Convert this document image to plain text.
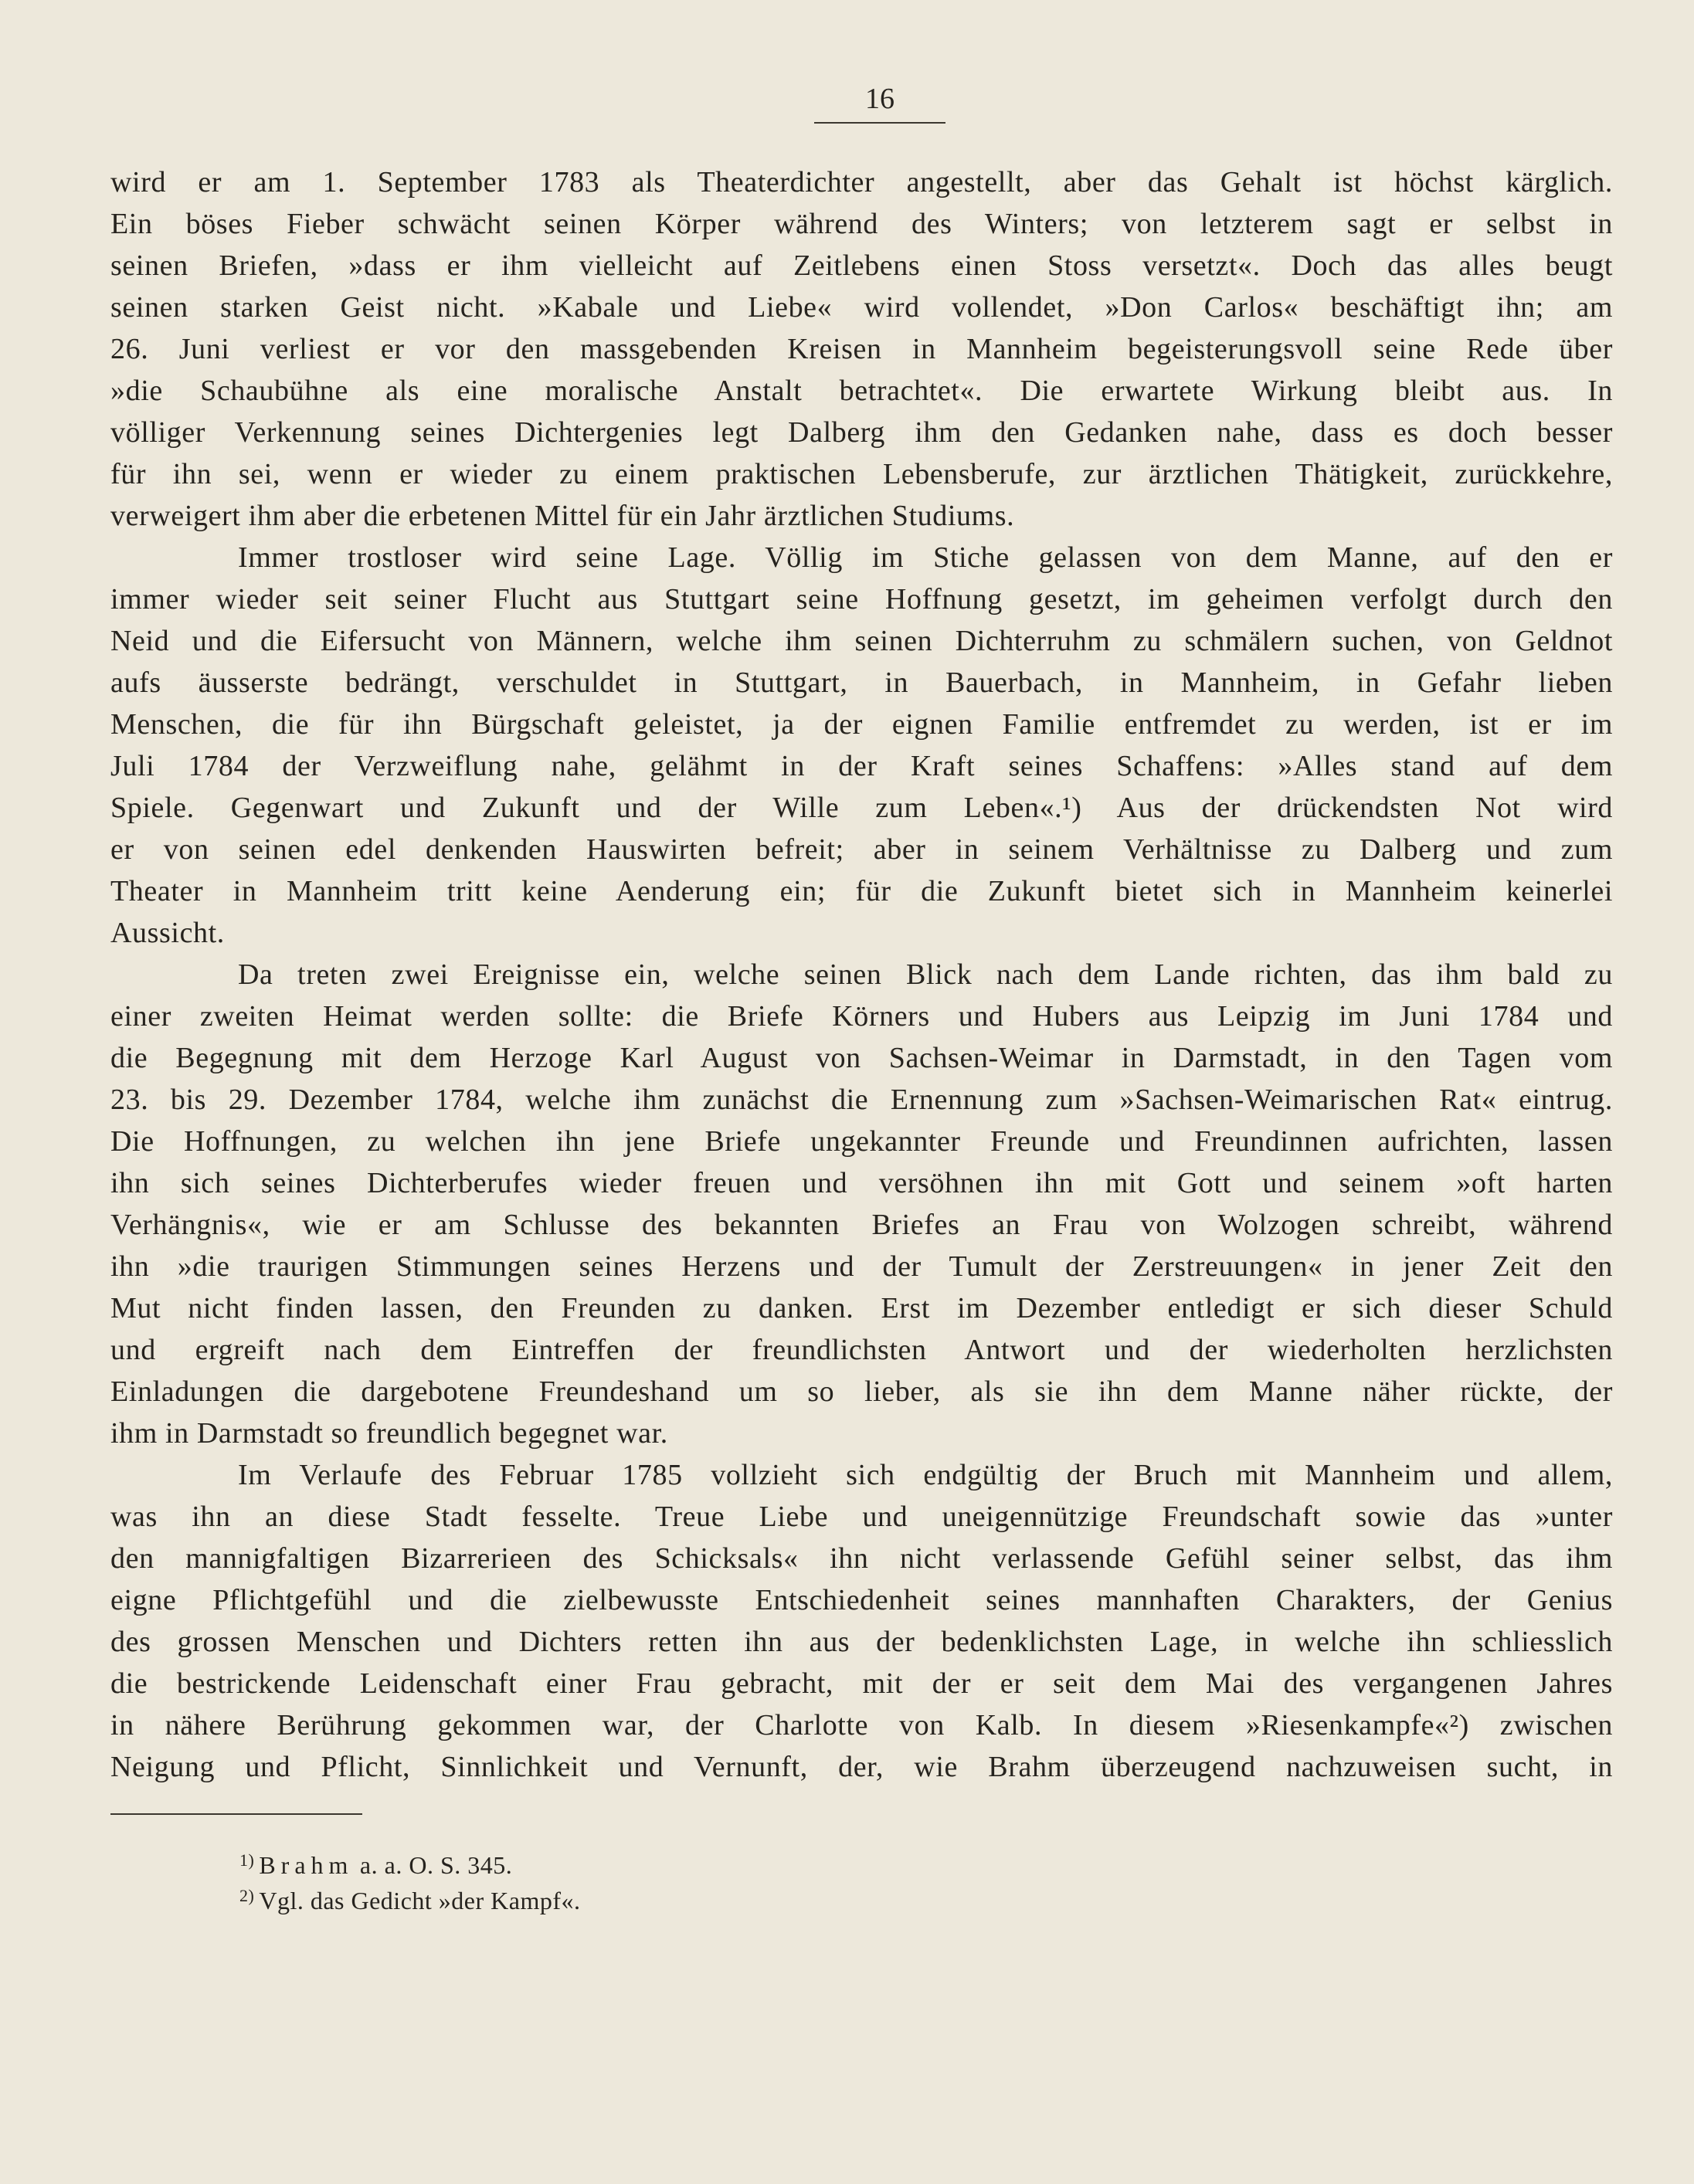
16
wird er am 1. September 1783 als Theaterdichter angestellt, aber das Gehalt ist höchst kärglich.
Ein böses Fieber schwächt seinen Körper während des Winters; von letzterem sagt er selbst in
seinen Briefen, »dass er ihm vielleicht auf Zeitlebens einen Stoss versetzt«. Doch das alles beugt
seinen starken Geist nicht. »Kabale und Liebe« wird vollendet, »Don Carlos« beschäftigt ihn; am
26. Juni verliest er vor den massgebenden Kreisen in Mannheim begeisterungsvoll seine Rede über
»die Schaubühne als eine moralische Anstalt betrachtet«. Die erwartete Wirkung bleibt aus. In
völliger Verkennung seines Dichtergenies legt Dalberg ihm den Gedanken nahe, dass es doch besser
für ihn sei, wenn er wieder zu einem praktischen Lebensberufe, zur ärztlichen Thätigkeit, zurückkehre,
verweigert ihm aber die erbetenen Mittel für ein Jahr ärztlichen Studiums.
Immer trostloser wird seine Lage. Völlig im Stiche gelassen von dem Manne, auf den er
immer wieder seit seiner Flucht aus Stuttgart seine Hoffnung gesetzt, im geheimen verfolgt durch den
Neid und die Eifersucht von Männern, welche ihm seinen Dichterruhm zu schmälern suchen, von Geldnot
aufs äusserste bedrängt, verschuldet in Stuttgart, in Bauerbach, in Mannheim, in Gefahr lieben
Menschen, die für ihn Bürgschaft geleistet, ja der eignen Familie entfremdet zu werden, ist er im
Juli 1784 der Verzweiflung nahe, gelähmt in der Kraft seines Schaffens: »Alles stand auf dem
Spiele. Gegenwart und Zukunft und der Wille zum Leben«.¹) Aus der drückendsten Not wird
er von seinen edel denkenden Hauswirten befreit; aber in seinem Verhältnisse zu Dalberg und zum
Theater in Mannheim tritt keine Aenderung ein; für die Zukunft bietet sich in Mannheim keinerlei
Aussicht.
Da treten zwei Ereignisse ein, welche seinen Blick nach dem Lande richten, das ihm bald zu
einer zweiten Heimat werden sollte: die Briefe Körners und Hubers aus Leipzig im Juni 1784 und
die Begegnung mit dem Herzoge Karl August von Sachsen-Weimar in Darmstadt, in den Tagen vom
23. bis 29. Dezember 1784, welche ihm zunächst die Ernennung zum »Sachsen-Weimarischen Rat« eintrug.
Die Hoffnungen, zu welchen ihn jene Briefe ungekannter Freunde und Freundinnen aufrichten, lassen
ihn sich seines Dichterberufes wieder freuen und versöhnen ihn mit Gott und seinem »oft harten
Verhängnis«, wie er am Schlusse des bekannten Briefes an Frau von Wolzogen schreibt, während
ihn »die traurigen Stimmungen seines Herzens und der Tumult der Zerstreuungen« in jener Zeit den
Mut nicht finden lassen, den Freunden zu danken. Erst im Dezember entledigt er sich dieser Schuld
und ergreift nach dem Eintreffen der freundlichsten Antwort und der wiederholten herzlichsten
Einladungen die dargebotene Freundeshand um so lieber, als sie ihn dem Manne näher rückte, der
ihm in Darmstadt so freundlich begegnet war.
Im Verlaufe des Februar 1785 vollzieht sich endgültig der Bruch mit Mannheim und allem,
was ihn an diese Stadt fesselte. Treue Liebe und uneigennützige Freundschaft sowie das »unter
den mannigfaltigen Bizarrerieen des Schicksals« ihn nicht verlassende Gefühl seiner selbst, das ihm
eigne Pflichtgefühl und die zielbewusste Entschiedenheit seines mannhaften Charakters, der Genius
des grossen Menschen und Dichters retten ihn aus der bedenklichsten Lage, in welche ihn schliesslich
die bestrickende Leidenschaft einer Frau gebracht, mit der er seit dem Mai des vergangenen Jahres
in nähere Berührung gekommen war, der Charlotte von Kalb. In diesem »Riesenkampfe«²) zwischen
Neigung und Pflicht, Sinnlichkeit und Vernunft, der, wie Brahm überzeugend nachzuweisen sucht, in
$^{1)}$ Brahm a. a. O. S. 345.
$^{2)}$ Vgl. das Gedicht »der Kampf«.
